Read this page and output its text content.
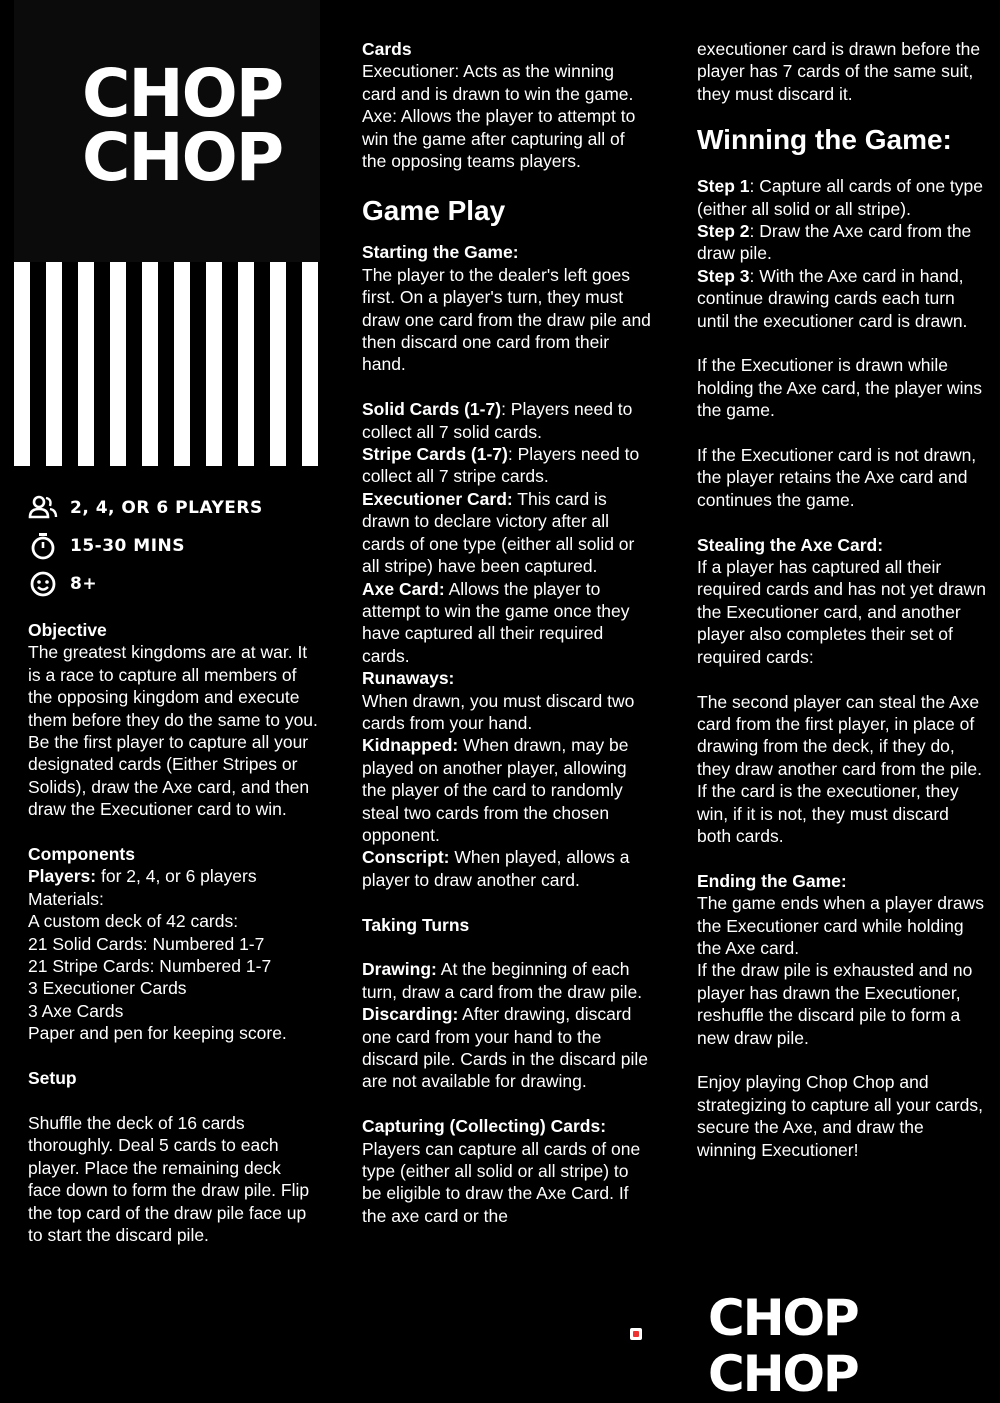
CHOP
CHOP
2, 4, OR 6 PLAYERS
15-30 MINS
8+

Objective

The greatest kingdoms are at war. It is a race to capture all members of the opposing kingdom and execute them before they do the same to you. Be the first player to capture all your designated cards (Either Stripes or Solids), draw the Axe card, and then draw the Executioner card to win.

Components

Players: for 2, 4, or 6 players

Materials:

A custom deck of 42 cards:

21 Solid Cards: Numbered 1-7

21 Stripe Cards: Numbered 1-7

3 Executioner Cards

3 Axe Cards

Paper and pen for keeping score.

Setup

Shuffle the deck of 16 cards thoroughly. Deal 5 cards to each player. Place the remaining deck face down to form the draw pile. Flip the top card of the draw pile face up to start the discard pile.

Cards

Executioner: Acts as the winning card and is drawn to win the game.

Axe: Allows the player to attempt to win the game after capturing all of the opposing teams players.

Game Play

Starting the Game:

The player to the dealer's left goes first. On a player's turn, they must draw one card from the draw pile and then discard one card from their hand.

Solid Cards (1-7): Players need to collect all 7 solid cards.

Stripe Cards (1-7): Players need to collect all 7 stripe cards.

Executioner Card: This card is drawn to declare victory after all cards of one type (either all solid or all stripe) have been captured.

Axe Card: Allows the player to attempt to win the game once they have captured all their required cards.

Runaways:

When drawn, you must discard two cards from your hand.

Kidnapped: When drawn, may be played on another player, allowing the player of the card to randomly steal two cards from the chosen opponent.

Conscript: When played, allows a player to draw another card.

Taking Turns

Drawing: At the beginning of each turn, draw a card from the draw pile.

Discarding: After drawing, discard one card from your hand to the discard pile. Cards in the discard pile are not available for drawing.

Capturing (Collecting) Cards:

Players can capture all cards of one type (either all solid or all stripe) to be eligible to draw the Axe Card. If the axe card or the

executioner card is drawn before the player has 7 cards of the same suit, they must discard it.

Winning the Game:

Step 1: Capture all cards of one type (either all solid or all stripe).

Step 2: Draw the Axe card from the draw pile.

Step 3: With the Axe card in hand, continue drawing cards each turn until the executioner card is drawn.

If the Executioner is drawn while holding the Axe card, the player wins the game.

If the Executioner card is not drawn, the player retains the Axe card and continues the game.

Stealing the Axe Card:

If a player has captured all their required cards and has not yet drawn the Executioner card, and another player also completes their set of required cards:

The second player can steal the Axe card from the first player, in place of drawing from the deck, if they do, they draw another card from the pile. If the card is the executioner, they win, if it is not, they must discard both cards.

Ending the Game:

The game ends when a player draws the Executioner card while holding the Axe card.

If the draw pile is exhausted and no player has drawn the Executioner, reshuffle the discard pile to form a new draw pile.

Enjoy playing Chop Chop and strategizing to capture all your cards, secure the Axe, and draw the winning Executioner!

CHOP CHOP
